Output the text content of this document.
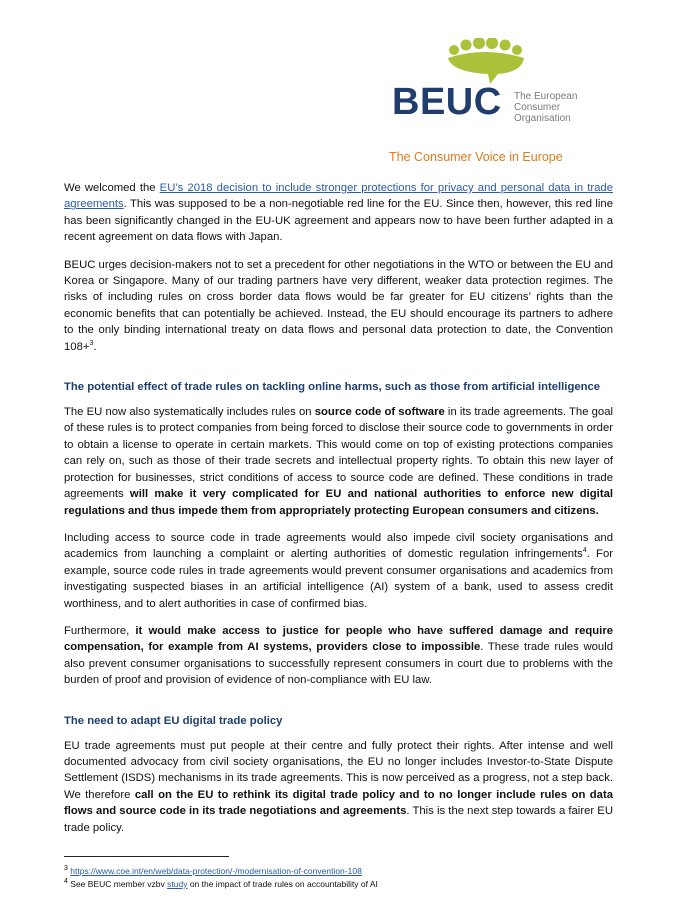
BEUC The European
Consumer
Organisation
The Consumer Voice in Europe

We welcomed the EU’s 2018 decision to include stronger protections for privacy and personal data in trade agreements. This was supposed to be a non-negotiable red line for the EU. Since then, however, this red line has been significantly changed in the EU-UK agreement and appears now to have been further adapted in a recent agreement on data flows with Japan.

BEUC urges decision-makers not to set a precedent for other negotiations in the WTO or between the EU and Korea or Singapore. Many of our trading partners have very different, weaker data protection regimes. The risks of including rules on cross border data flows would be far greater for EU citizens’ rights than the economic benefits that can potentially be achieved. Instead, the EU should encourage its partners to adhere to the only binding international treaty on data flows and personal data protection to date, the Convention 108+$^3$.

The potential effect of trade rules on tackling online harms, such as those from artificial intelligence

The EU now also systematically includes rules on source code of software in its trade agreements. The goal of these rules is to protect companies from being forced to disclose their source code to governments in order to obtain a license to operate in certain markets. This would come on top of existing protections companies can rely on, such as those of their trade secrets and intellectual property rights. To obtain this new layer of protection for businesses, strict conditions of access to source code are defined. These conditions in trade agreements will make it very complicated for EU and national authorities to enforce new digital regulations and thus impede them from appropriately protecting European consumers and citizens.

Including access to source code in trade agreements would also impede civil society organisations and academics from launching a complaint or alerting authorities of domestic regulation infringements$^4$. For example, source code rules in trade agreements would prevent consumer organisations and academics from investigating suspected biases in an artificial intelligence (AI) system of a bank, used to assess credit worthiness, and to alert authorities in case of confirmed bias.

Furthermore, it would make access to justice for people who have suffered damage and require compensation, for example from AI systems, providers close to impossible. These trade rules would also prevent consumer organisations to successfully represent consumers in court due to problems with the burden of proof and provision of evidence of non-compliance with EU law.

The need to adapt EU digital trade policy

EU trade agreements must put people at their centre and fully protect their rights. After intense and well documented advocacy from civil society organisations, the EU no longer includes Investor-to-State Dispute Settlement (ISDS) mechanisms in its trade agreements. This is now perceived as a progress, not a step back. We therefore call on the EU to rethink its digital trade policy and to no longer include rules on data flows and source code in its trade negotiations and agreements. This is the next step towards a fairer EU trade policy.

$^3$ https://www.coe.int/en/web/data-protection/-/modernisation-of-convention-108
$^4$ See BEUC member vzbv study on the impact of trade rules on accountability of AI
